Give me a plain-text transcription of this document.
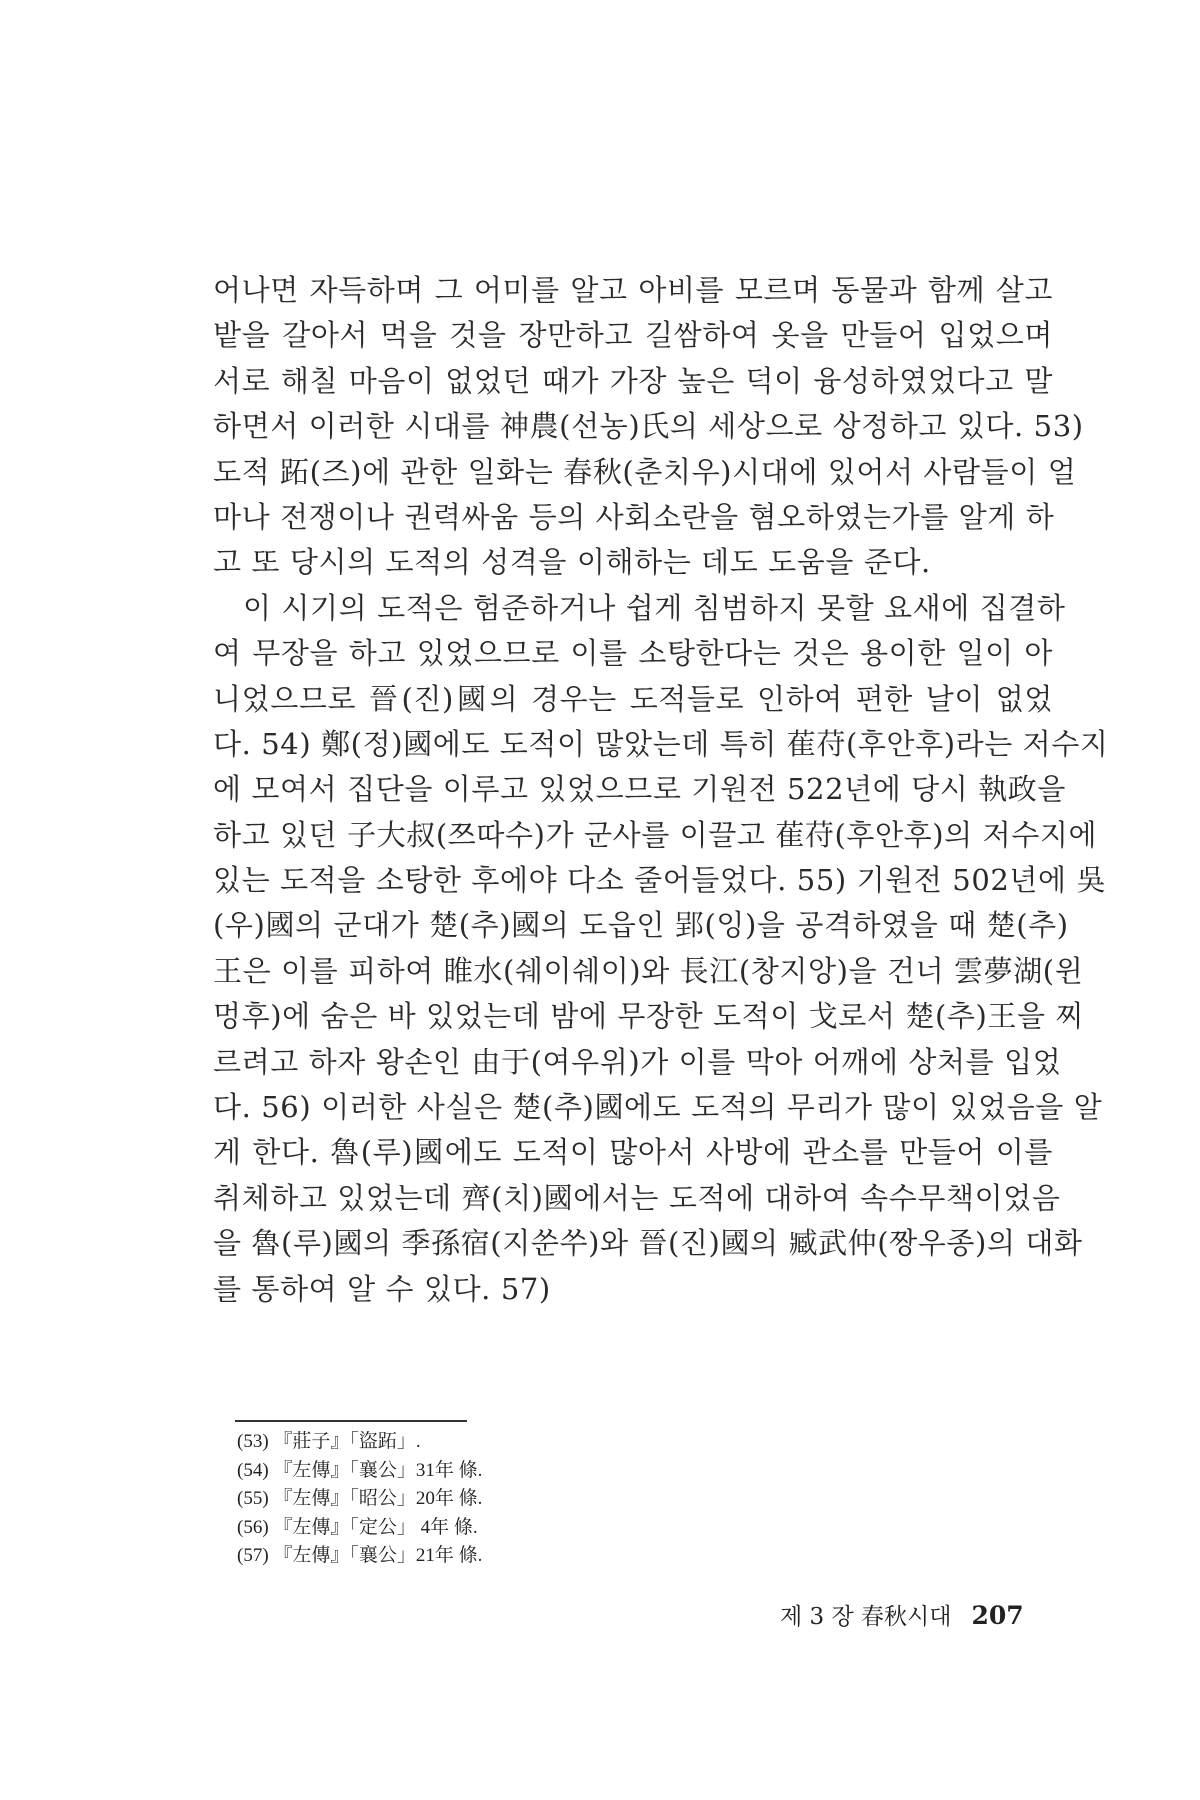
어나면 자득하며 그 어미를 알고 아비를 모르며 동물과 함께 살고
밭을 갈아서 먹을 것을 장만하고 길쌈하여 옷을 만들어 입었으며
서로 해칠 마음이 없었던 때가 가장 높은 덕이 융성하였었다고 말
하면서 이러한 시대를 神農(선농)氏의 세상으로 상정하고 있다. 53)
도적 跖(즈)에 관한 일화는 春秋(춘치우)시대에 있어서 사람들이 얼
마나 전쟁이나 권력싸움 등의 사회소란을 혐오하였는가를 알게 하
고 또 당시의 도적의 성격을 이해하는 데도 도움을 준다.
이 시기의 도적은 험준하거나 쉽게 침범하지 못할 요새에 집결하
여 무장을 하고 있었으므로 이를 소탕한다는 것은 용이한 일이 아
니었으므로 晉(진)國의 경우는 도적들로 인하여 편한 날이 없었
다. 54) 鄭(정)國에도 도적이 많았는데 특히 萑苻(후안후)라는 저수지
에 모여서 집단을 이루고 있었으므로 기원전 522년에 당시 執政을
하고 있던 子大叔(쯔따수)가 군사를 이끌고 萑苻(후안후)의 저수지에
있는 도적을 소탕한 후에야 다소 줄어들었다. 55) 기원전 502년에 吳
(우)國의 군대가 楚(추)國의 도읍인 郢(잉)을 공격하였을 때 楚(추)
王은 이를 피하여 睢水(쉐이쉐이)와 長江(창지앙)을 건너 雲夢湖(윈
멍후)에 숨은 바 있었는데 밤에 무장한 도적이 戈로서 楚(추)王을 찌
르려고 하자 왕손인 由于(여우위)가 이를 막아 어깨에 상처를 입었
다. 56) 이러한 사실은 楚(추)國에도 도적의 무리가 많이 있었음을 알
게 한다. 魯(루)國에도 도적이 많아서 사방에 관소를 만들어 이를
취체하고 있었는데 齊(치)國에서는 도적에 대하여 속수무책이었음
을 魯(루)國의 季孫宿(지쑨쑤)와 晉(진)國의 臧武仲(짱우종)의 대화
를 통하여 알 수 있다. 57)
(53) 『莊子』「盜跖」.
(54) 『左傳』「襄公」31年 條.
(55) 『左傳』「昭公」20年 條.
(56) 『左傳』「定公」 4年 條.
(57) 『左傳』「襄公」21年 條.
제 3 장 春秋시대 207
